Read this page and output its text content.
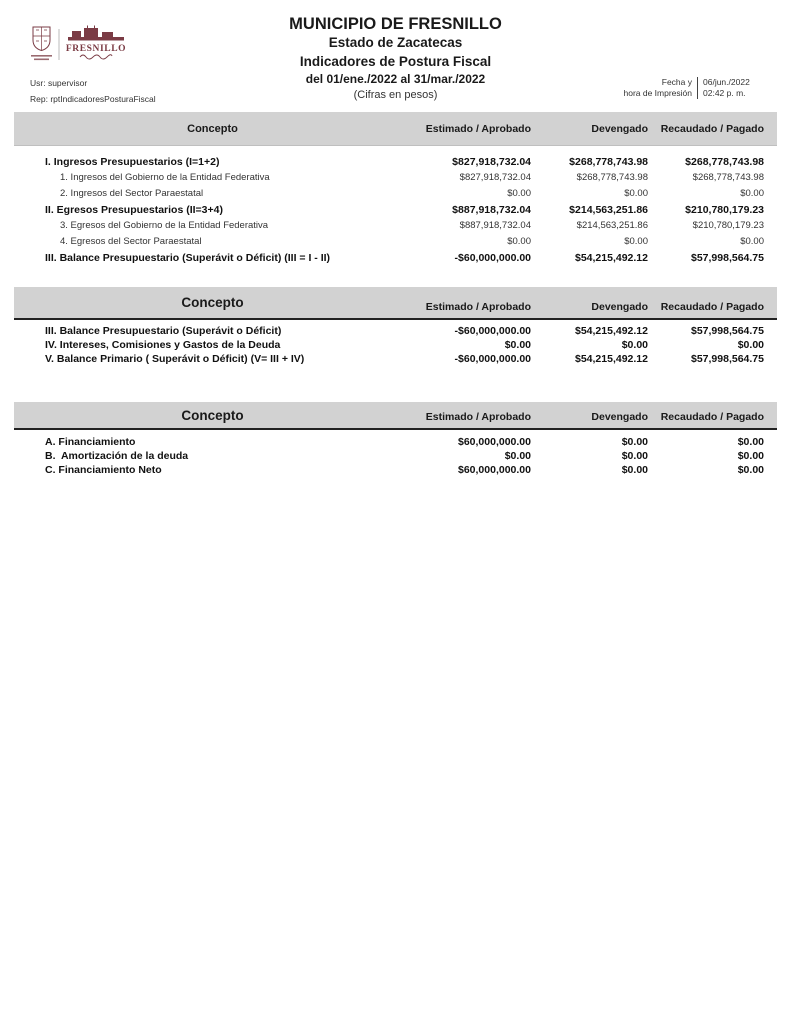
FRESNILLO
MUNICIPIO DE FRESNILLO
Estado de Zacatecas
Indicadores de Postura Fiscal
del 01/ene./2022 al 31/mar./2022
(Cifras en pesos)
Usr: supervisor
Rep: rptIndicadoresPosturaFiscal
Fecha y
hora de Impresión
06/jun./2022
02:42 p. m.
Concepto	Estimado / Aprobado	Devengado	Recaudado / Pagado
I. Ingresos Presupuestarios (I=1+2)	$827,918,732.04	$268,778,743.98	$268,778,743.98
1. Ingresos del Gobierno de la Entidad Federativa	$827,918,732.04	$268,778,743.98	$268,778,743.98
2. Ingresos del Sector Paraestatal	$0.00	$0.00	$0.00
II. Egresos Presupuestarios (II=3+4)	$887,918,732.04	$214,563,251.86	$210,780,179.23
3. Egresos del Gobierno de la Entidad Federativa	$887,918,732.04	$214,563,251.86	$210,780,179.23
4. Egresos del Sector Paraestatal	$0.00	$0.00	$0.00
III. Balance Presupuestario (Superávit o Déficit) (III = I - II)	-$60,000,000.00	$54,215,492.12	$57,998,564.75
Concepto	Estimado / Aprobado	Devengado	Recaudado / Pagado
III. Balance Presupuestario (Superávit o Déficit)	-$60,000,000.00	$54,215,492.12	$57,998,564.75
IV. Intereses, Comisiones y Gastos de la Deuda	$0.00	$0.00	$0.00
V. Balance Primario ( Superávit o Déficit) (V= III + IV)	-$60,000,000.00	$54,215,492.12	$57,998,564.75
Concepto	Estimado / Aprobado	Devengado	Recaudado / Pagado
A. Financiamiento	$60,000,000.00	$0.00	$0.00
B.  Amortización de la deuda	$0.00	$0.00	$0.00
C. Financiamiento Neto	$60,000,000.00	$0.00	$0.00
